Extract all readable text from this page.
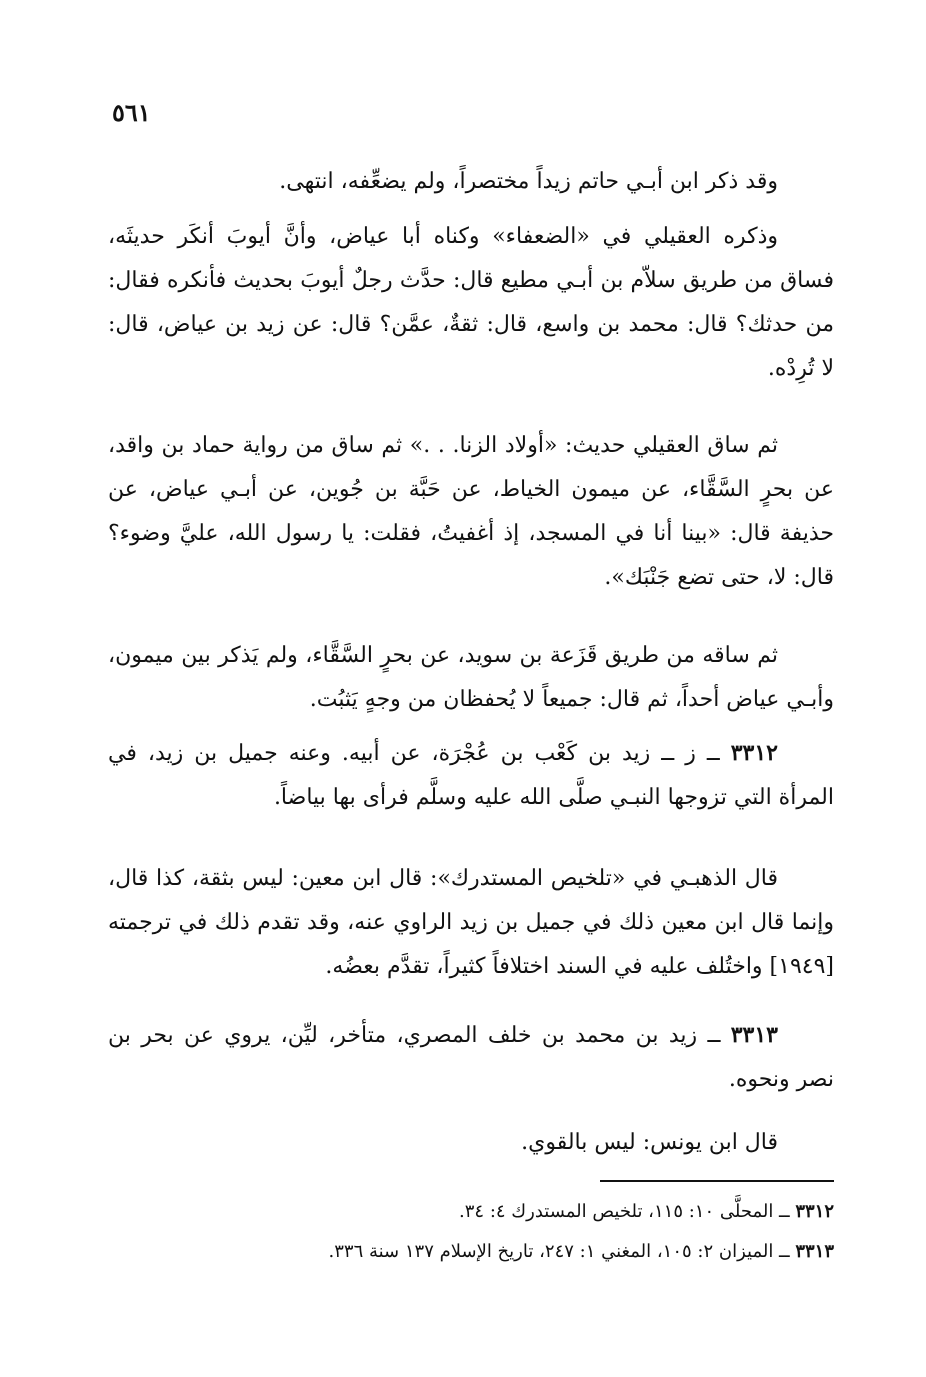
٥٦١

وقد ذكر ابن أبـي حاتم زيداً مختصراً، ولم يضعِّفه، انتهى.

وذكره العقيلي في «الضعفاء» وكناه أبا عياض، وأنَّ أيوبَ أنكَر حديثَه، فساق من طريق سلاّم بن أبـي مطيع قال: حدَّث رجلٌ أيوبَ بحديث فأنكره فقال: من حدثك؟ قال: محمد بن واسع، قال: ثقةٌ، عمَّن؟ قال: عن زيد بن عياض، قال: لا تُرِدْه.

ثم ساق العقيلي حديث: «أولاد الزنا. . .» ثم ساق من رواية حماد بن واقد، عن بحرٍ السَّقَّاء، عن ميمون الخياط، عن حَبَّة بن جُوين، عن أبـي عياض، عن حذيفة قال: «بينا أنا في المسجد، إذ أغفيتُ، فقلت: يا رسول الله، عليَّ وضوء؟ قال: لا، حتى تضع جَنْبَك».

ثم ساقه من طريق قَزَعة بن سويد، عن بحرٍ السَّقَّاء، ولم يَذكر بين ميمون، وأبـي عياض أحداً، ثم قال: جميعاً لا يُحفظان من وجهٍ يَثبُت.

٣٣١٢ ــ ز ــ زيد بن كَعْب بن عُجْرَة، عن أبيه. وعنه جميل بن زيد، في المرأة التي تزوجها النبـي صلَّى الله عليه وسلَّم فرأى بها بياضاً.

قال الذهبـي في «تلخيص المستدرك»: قال ابن معين: ليس بثقة، كذا قال، وإنما قال ابن معين ذلك في جميل بن زيد الراوي عنه، وقد تقدم ذلك في ترجمته [١٩٤٩] واختُلف عليه في السند اختلافاً كثيراً، تقدَّم بعضُه.

٣٣١٣ ــ زيد بن محمد بن خلف المصري، متأخر، ليِّن، يروي عن بحر بن نصر ونحوه.

قال ابن يونس: ليس بالقوي.

٣٣١٢ ــ المحلَّى ١٠: ١١٥، تلخيص المستدرك ٤: ٣٤.

٣٣١٣ ــ الميزان ٢: ١٠٥، المغني ١: ٢٤٧، تاريخ الإسلام ١٣٧ سنة ٣٣٦.
